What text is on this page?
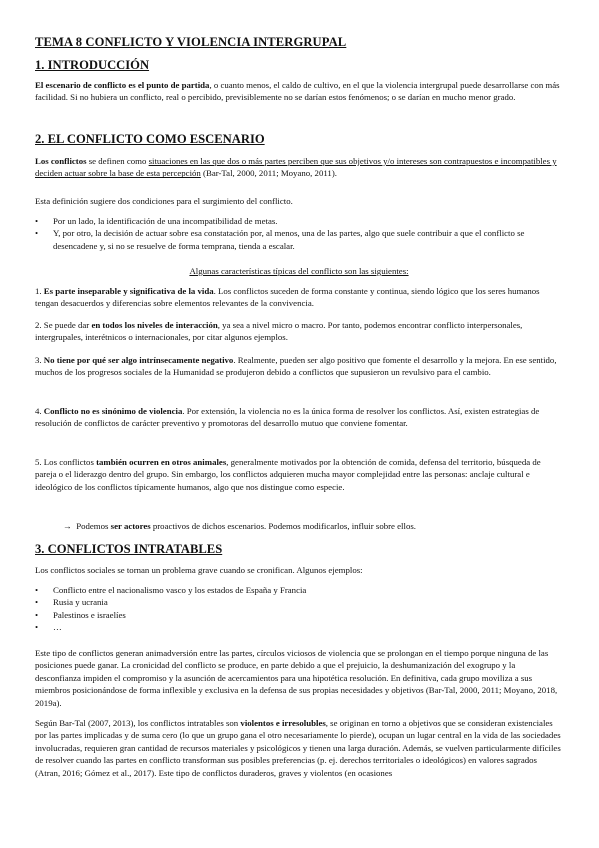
TEMA 8 CONFLICTO Y VIOLENCIA INTERGRUPAL
1. INTRODUCCIÓN

El escenario de conflicto es el punto de partida, o cuanto menos, el caldo de cultivo, en el que la violencia intergrupal puede desarrollarse con más facilidad. Si no hubiera un conflicto, real o percibido, previsiblemente no se darían estos fenómenos; o se darían en mucho menor grado.

2. EL CONFLICTO COMO ESCENARIO

Los conflictos se definen como situaciones en las que dos o más partes perciben que sus objetivos y/o intereses son contrapuestos e incompatibles y deciden actuar sobre la base de esta percepción (Bar-Tal, 2000, 2011; Moyano, 2011).

Esta definición sugiere dos condiciones para el surgimiento del conflicto.

• Por un lado, la identificación de una incompatibilidad de metas.
• Y, por otro, la decisión de actuar sobre esa constatación por, al menos, una de las partes, algo que suele contribuir a que el conflicto se desencadene y, si no se resuelve de forma temprana, tienda a escalar.

Algunas características típicas del conflicto son las siguientes:

1. Es parte inseparable y significativa de la vida. Los conflictos suceden de forma constante y continua, siendo lógico que los seres humanos tengan desacuerdos y diferencias sobre elementos relevantes de la convivencia.

2. Se puede dar en todos los niveles de interacción, ya sea a nivel micro o macro. Por tanto, podemos encontrar conflicto interpersonales, intergrupales, interétnicos o internacionales, por citar algunos ejemplos.

3. No tiene por qué ser algo intrínsecamente negativo. Realmente, pueden ser algo positivo que fomente el desarrollo y la mejora. En ese sentido, muchos de los progresos sociales de la Humanidad se produjeron debido a conflictos que supusieron un revulsivo para el cambio.

4. Conflicto no es sinónimo de violencia. Por extensión, la violencia no es la única forma de resolver los conflictos. Así, existen estrategias de resolución de conflictos de carácter preventivo y promotoras del desarrollo mutuo que conviene fomentar.

5. Los conflictos también ocurren en otros animales, generalmente motivados por la obtención de comida, defensa del territorio, búsqueda de pareja o el liderazgo dentro del grupo. Sin embargo, los conflictos adquieren mucha mayor complejidad entre las personas: anclaje cultural e ideológico de los conflictos típicamente humanos, algo que nos distingue como especie.

→ Podemos ser actores proactivos de dichos escenarios. Podemos modificarlos, influir sobre ellos.

3. CONFLICTOS INTRATABLES

Los conflictos sociales se tornan un problema grave cuando se cronifican. Algunos ejemplos:

• Conflicto entre el nacionalismo vasco y los estados de España y Francia
• Rusia y ucrania
• Palestinos e israelíes
• …

Este tipo de conflictos generan animadversión entre las partes, círculos viciosos de violencia que se prolongan en el tiempo porque ninguna de las posiciones puede ganar. La cronicidad del conflicto se produce, en parte debido a que el prejuicio, la deshumanización del exogrupo y la desconfianza impiden el compromiso y la asunción de acercamientos para una hipotética resolución. En definitiva, cada grupo moviliza a sus miembros posicionándose de forma inflexible y exclusiva en la defensa de sus propias necesidades y objetivos (Bar-Tal, 2000, 2011; Moyano, 2018, 2019a).

Según Bar-Tal (2007, 2013), los conflictos intratables son violentos e irresolubles, se originan en torno a objetivos que se consideran existenciales por las partes implicadas y de suma cero (lo que un grupo gana el otro necesariamente lo pierde), ocupan un lugar central en la vida de las sociedades involucradas, requieren gran cantidad de recursos materiales y psicológicos y tienen una larga duración. Además, se vuelven particularmente difíciles de resolver cuando las partes en conflicto transforman sus posibles preferencias (p. ej. derechos territoriales o ideológicos) en valores sagrados (Atran, 2016; Gómez et al., 2017). Este tipo de conflictos duraderos, graves y violentos (en ocasiones
